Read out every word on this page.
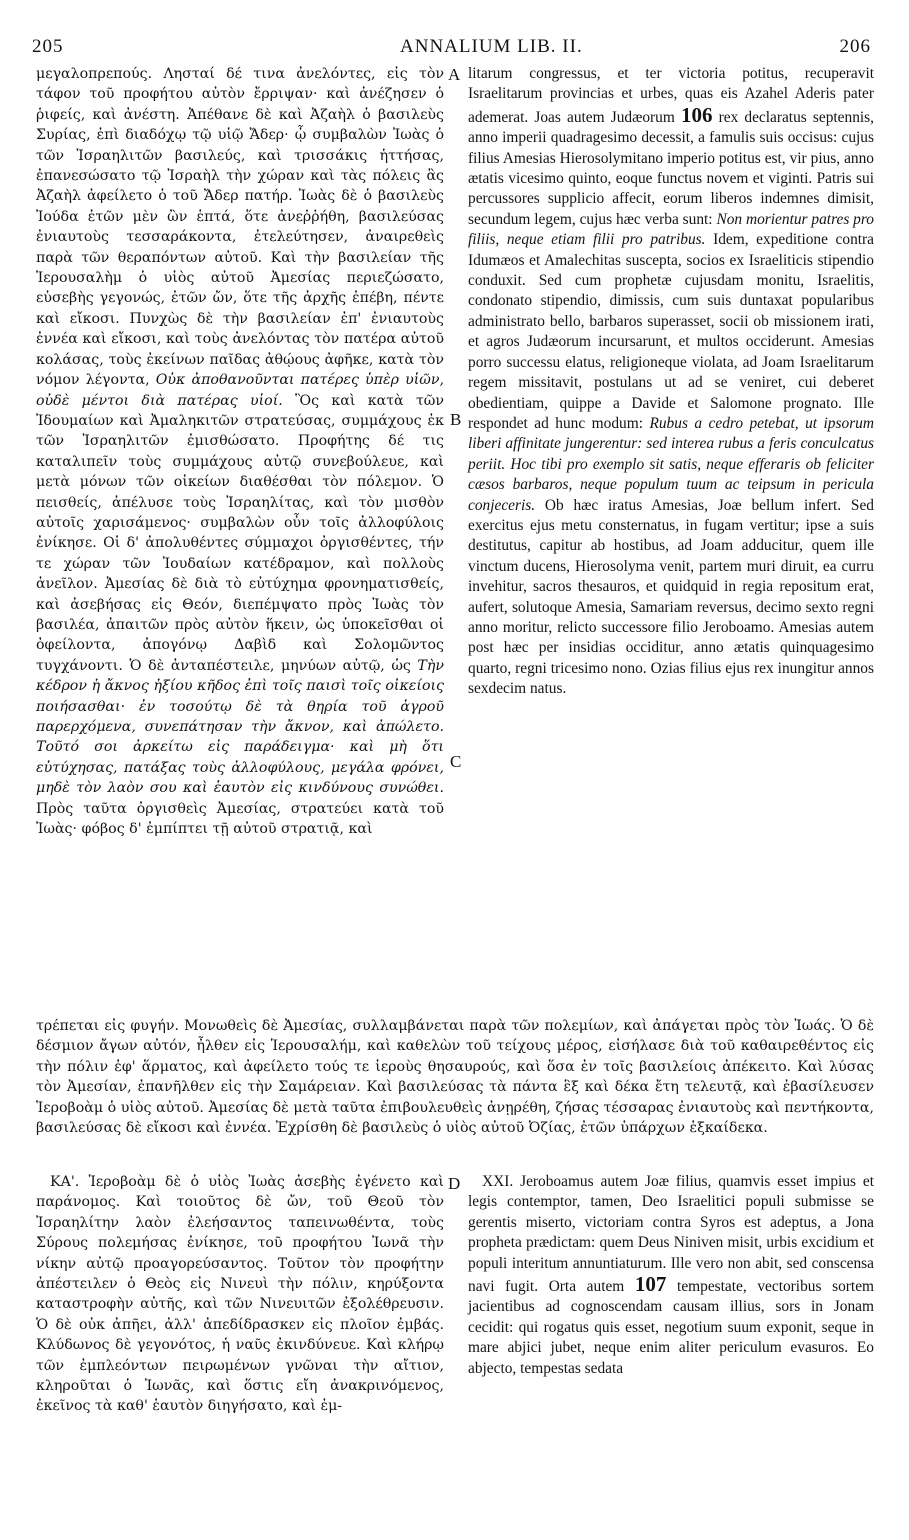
205	ANNALIUM LIB. II.	206

μεγαλοπρεπούς. Λησταί δέ τινα ἀνελόντες, εἰς τὸν τάφον τοῦ προφήτου αὐτὸν ἔρριψαν· καὶ ἀνέζησεν ὁ ῥιφείς, καὶ ἀνέστη. Ἀπέθανε δὲ καὶ Ἀζαὴλ ὁ βασιλεὺς Συρίας, ἐπὶ διαδόχῳ τῷ υἱῷ Ἄδερ· ᾧ συμβαλὼν Ἰωὰς ὁ τῶν Ἰσραηλιτῶν βασιλεύς, καὶ τρισσάκις ἡττήσας, ἐπανεσώσατο τῷ Ἰσραὴλ τὴν χώραν καὶ τὰς πόλεις ἃς Ἀζαὴλ ἀφείλετο ὁ τοῦ Ἄδερ πατήρ. Ἰωὰς δὲ ὁ βασιλεὺς Ἰούδα ἐτῶν μὲν ὢν ἑπτά, ὅτε ἀνεῤῥήθη, βασιλεύσας ἐνιαυτοὺς τεσσαράκοντα, ἐτελεύτησεν, ἀναιρεθεὶς παρὰ τῶν θεραπόντων αὐτοῦ. Καὶ τὴν βασιλείαν τῆς Ἱερουσαλὴμ ὁ υἱὸς αὐτοῦ Ἀμεσίας περιεζώσατο, εὐσεβὴς γεγονώς, ἐτῶν ὤν, ὅτε τῆς ἀρχῆς ἐπέβη, πέντε καὶ εἴκοσι. Πυνχὼς δὲ τὴν βασιλείαν ἐπ' ἐνιαυτοὺς ἐννέα καὶ εἴκοσι, καὶ τοὺς ἀνελόντας τὸν πατέρα αὐτοῦ κολάσας, τοὺς ἐκείνων παῖδας ἀθῴους ἀφῆκε, κατὰ τὸν νόμον λέγοντα, Οὐκ ἀποθανοῦνται πατέρες ὑπὲρ υἱῶν, οὐδὲ μέντοι διὰ πατέρας υἱοί. Ὃς καὶ κατὰ τῶν Ἰδουμαίων καὶ Ἀμαληκιτῶν στρατεύσας, συμμάχους ἐκ τῶν Ἰσραηλιτῶν ἐμισθώσατο. Προφήτης δέ τις καταλιπεῖν τοὺς συμμάχους αὐτῷ συνεβούλευε, καὶ μετὰ μόνων τῶν οἰκείων διαθέσθαι τὸν πόλεμον. Ὁ πεισθείς, ἀπέλυσε τοὺς Ἰσραηλίτας, καὶ τὸν μισθὸν αὐτοῖς χαρισάμενος· συμβαλὼν οὖν τοῖς ἀλλοφύλοις ἐνίκησε. Οἱ δ' ἀπολυθέντες σύμμαχοι ὀργισθέντες, τήν τε χώραν τῶν Ἰουδαίων κατέδραμον, καὶ πολλοὺς ἀνεῖλον. Ἀμεσίας δὲ διὰ τὸ εὐτύχημα φρονηματισθείς, καὶ ἀσεβήσας εἰς Θεόν, διεπέμψατο πρὸς Ἰωὰς τὸν βασιλέα, ἀπαιτῶν πρὸς αὐτὸν ἥκειν, ὡς ὑποκεῖσθαι οἱ ὀφείλοντα, ἀπογόνῳ Δαβὶδ καὶ Σολομῶντος τυγχάνοντι. Ὁ δὲ ἀνταπέστειλε, μηνύων αὐτῷ, ὡς Τὴν κέδρον ἡ ἄκνος ἠξίου κῆδος ἐπὶ τοῖς παισὶ τοῖς οἰκείοις ποιήσασθαι· ἐν τοσούτῳ δὲ τὰ θηρία τοῦ ἀγροῦ παρερχόμενα, συνεπάτησαν τὴν ἄκνον, καὶ ἀπώλετο. Τοῦτό σοι ἀρκείτω εἰς παράδειγμα· καὶ μὴ ὅτι εὐτύχησας, πατάξας τοὺς ἀλλοφύλους, μεγάλα φρόνει, μηδὲ τὸν λαὸν σου καὶ ἑαυτὸν εἰς κινδύνους συνώθει. Πρὸς ταῦτα ὀργισθεὶς Ἀμεσίας, στρατεύει κατὰ τοῦ Ἰωὰς· φόβος δ' ἐμπίπτει τῇ αὐτοῦ στρατιᾷ, καὶ

A
B
C
D

litarum congressus, et ter victoria potitus, recuperavit Israelitarum provincias et urbes, quas eis Azahel Aderis pater ademerat. Joas autem Judæorum 106 rex declaratus septennis, anno imperii quadragesimo decessit, a famulis suis occisus: cujus filius Amesias Hierosolymitano imperio potitus est, vir pius, anno ætatis vicesimo quinto, eoque functus novem et viginti. Patris sui percussores supplicio affecit, eorum liberos indemnes dimisit, secundum legem, cujus hæc verba sunt: Non morientur patres pro filiis, neque etiam filii pro patribus. Idem, expeditione contra Idumæos et Amalechitas suscepta, socios ex Israeliticis stipendio conduxit. Sed cum prophetæ cujusdam monitu, Israelitis, condonato stipendio, dimissis, cum suis duntaxat popularibus administrato bello, barbaros superasset, socii ob missionem irati, et agros Judæorum incursarunt, et multos occiderunt. Amesias porro successu elatus, religioneque violata, ad Joam Israelitarum regem missitavit, postulans ut ad se veniret, cui deberet obedientiam, quippe a Davide et Salomone prognato. Ille respondet ad hunc modum: Rubus a cedro petebat, ut ipsorum liberi affinitate jungerentur: sed interea rubus a feris conculcatus periit. Hoc tibi pro exemplo sit satis, neque efferaris ob feliciter cæsos barbaros, neque populum tuum ac teipsum in pericula conjeceris. Ob hæc iratus Amesias, Joæ bellum infert. Sed exercitus ejus metu consternatus, in fugam vertitur; ipse a suis destitutus, capitur ab hostibus, ad Joam adducitur, quem ille vinctum ducens, Hierosolyma venit, partem muri diruit, ea curru invehitur, sacros thesauros, et quidquid in regia repositum erat, aufert, solutoque Amesia, Samariam reversus, decimo sexto regni anno moritur, relicto successore filio Jeroboamo. Amesias autem post hæc per insidias occiditur, anno ætatis quinquagesimo quarto, regni tricesimo nono. Ozias filius ejus rex inungitur annos sexdecim natus.

τρέπεται εἰς φυγήν. Μονωθεὶς δὲ Ἀμεσίας, συλλαμβάνεται παρὰ τῶν πολεμίων, καὶ ἀπάγεται πρὸς τὸν Ἰωάς. Ὁ δὲ δέσμιον ἄγων αὐτόν, ἦλθεν εἰς Ἱερουσαλήμ, καὶ καθελὼν τοῦ τείχους μέρος, εἰσήλασε διὰ τοῦ καθαιρεθέντος εἰς τὴν πόλιν ἐφ' ἅρματος, καὶ ἀφείλετο τούς τε ἱεροὺς θησαυρούς, καὶ ὅσα ἐν τοῖς βασιλείοις ἀπέκειτο. Καὶ λύσας τὸν Ἀμεσίαν, ἐπανῆλθεν εἰς τὴν Σαμάρειαν. Καὶ βασιλεύσας τὰ πάντα ἓξ καὶ δέκα ἔτη τελευτᾷ, καὶ ἐβασίλευσεν Ἱεροβοὰμ ὁ υἱὸς αὐτοῦ. Ἀμεσίας δὲ μετὰ ταῦτα ἐπιβουλευθεὶς ἀνῃρέθη, ζήσας τέσσαρας ἐνιαυτοὺς καὶ πεντήκοντα, βασιλεύσας δὲ εἴκοσι καὶ ἐννέα. Ἐχρίσθη δὲ βασιλεὺς ὁ υἱὸς αὐτοῦ Ὀζίας, ἐτῶν ὑπάρχων ἑξκαίδεκα.

ΚΑ'. Ἱεροβοὰμ δὲ ὁ υἱὸς Ἰωὰς ἀσεβὴς ἐγένετο καὶ παράνομος. Καὶ τοιοῦτος δὲ ὤν, τοῦ Θεοῦ τὸν Ἰσραηλίτην λαὸν ἐλεήσαντος ταπεινωθέντα, τοὺς Σύρους πολεμήσας ἐνίκησε, τοῦ προφήτου Ἰωνᾶ τὴν νίκην αὐτῷ προαγορεύσαντος. Τοῦτον τὸν προφήτην ἀπέστειλεν ὁ Θεὸς εἰς Νινευὶ τὴν πόλιν, κηρύξοντα καταστροφὴν αὐτῆς, καὶ τῶν Νινευιτῶν ἐξολέθρευσιν. Ὁ δὲ οὐκ ἀπῆει, ἀλλ' ἀπεδίδρασκεν εἰς πλοῖον ἐμβάς. Κλύδωνος δὲ γεγονότος, ἡ ναῦς ἐκινδύνευε. Καὶ κλήρῳ τῶν ἐμπλεόντων πειρωμένων γνῶναι τὴν αἴτιον, κληροῦται ὁ Ἰωνᾶς, καὶ ὅστις εἴη ἀνακρινόμενος, ἐκεῖνος τὰ καθ' ἑαυτὸν διηγήσατο, καὶ ἐμ-

XXI. Jeroboamus autem Joæ filius, quamvis esset impius et legis contemptor, tamen, Deo Israelitici populi submisse se gerentis miserto, victoriam contra Syros est adeptus, a Jona propheta prædictam: quem Deus Niniven misit, urbis excidium et populi interitum annuntiaturum. Ille vero non abit, sed conscensa navi fugit. Orta autem 107 tempestate, vectoribus sortem jacientibus ad cognoscendam causam illius, sors in Jonam cecidit: qui rogatus quis esset, negotium suum exponit, seque in mare abjici jubet, neque enim aliter periculum evasuros. Eo abjecto, tempestas sedata
